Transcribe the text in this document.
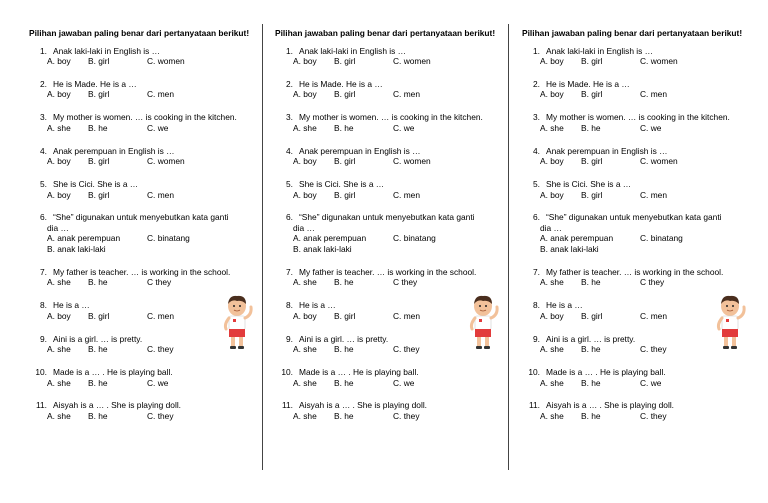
Pilihan jawaban paling benar dari pertanyataan berikut!
1. Anak laki-laki in English is …
A. boy	B. girl	C. women
2. He is Made. He is a …
A. boy	B. girl	C. men
3. My mother is women. … is cooking in the kitchen.
A. she	B. he	C. we
4. Anak perempuan in English is …
A. boy	B. girl	C. women
5. She is Cici. She is a …
A. boy	B. girl	C. men
6. “She” digunakan untuk menyebutkan kata ganti
dia …
A. anak perempuan	C. binatang
B. anak laki-laki
7. My father is teacher. … is working in the school.
A. she	B. he	C they
8. He is a …
A. boy	B. girl	C. men
9. Aini is a girl. … is pretty.
A. she	B. he	C. they
10. Made is a … . He is playing ball.
A. she	B. he	C. we
11. Aisyah is a … . She is playing doll.
A. she	B. he	C. they
Pilihan jawaban paling benar dari pertanyataan berikut!
1. Anak laki-laki in English is …
A. boy	B. girl	C. women
2. He is Made. He is a …
A. boy	B. girl	C. men
3. My mother is women. … is cooking in the kitchen.
A. she	B. he	C. we
4. Anak perempuan in English is …
A. boy	B. girl	C. women
5. She is Cici. She is a …
A. boy	B. girl	C. men
6. “She” digunakan untuk menyebutkan kata ganti
dia …
A. anak perempuan	C. binatang
B. anak laki-laki
7. My father is teacher. … is working in the school.
A. she	B. he	C they
8. He is a …
A. boy	B. girl	C. men
9. Aini is a girl. … is pretty.
A. she	B. he	C. they
10. Made is a … . He is playing ball.
A. she	B. he	C. we
11. Aisyah is a … . She is playing doll.
A. she	B. he	C. they
Pilihan jawaban paling benar dari pertanyataan berikut!
1. Anak laki-laki in English is …
A. boy	B. girl	C. women
2. He is Made. He is a …
A. boy	B. girl	C. men
3. My mother is women. … is cooking in the kitchen.
A. she	B. he	C. we
4. Anak perempuan in English is …
A. boy	B. girl	C. women
5. She is Cici. She is a …
A. boy	B. girl	C. men
6. “She” digunakan untuk menyebutkan kata ganti
dia …
A. anak perempuan	C. binatang
B. anak laki-laki
7. My father is teacher. … is working in the school.
A. she	B. he	C they
8. He is a …
A. boy	B. girl	C. men
9. Aini is a girl. … is pretty.
A. she	B. he	C. they
10. Made is a … . He is playing ball.
A. she	B. he	C. we
11. Aisyah is a … . She is playing doll.
A. she	B. he	C. they
